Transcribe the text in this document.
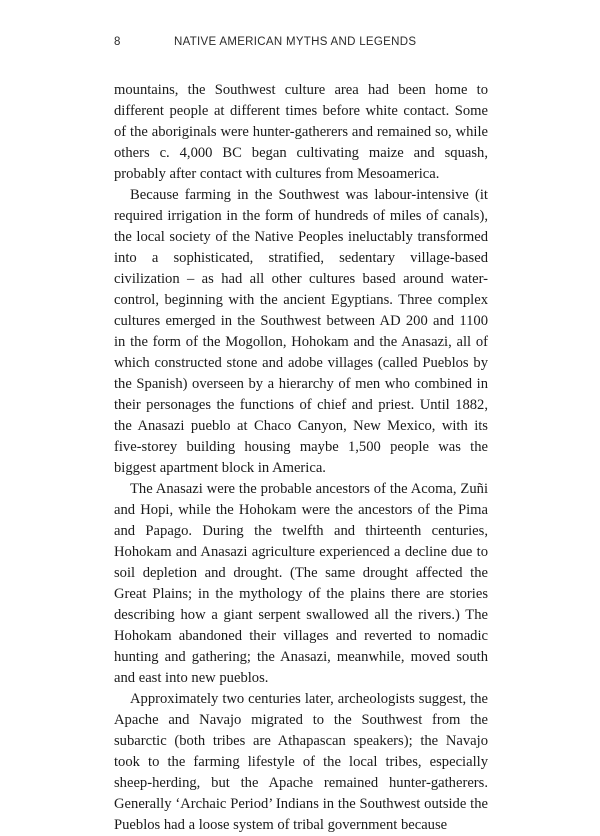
8	NATIVE AMERICAN MYTHS AND LEGENDS

mountains, the Southwest culture area had been home to different people at different times before white contact. Some of the aboriginals were hunter-gatherers and remained so, while others c. 4,000 BC began cultivating maize and squash, probably after contact with cultures from Mesoamerica.

Because farming in the Southwest was labour-intensive (it required irrigation in the form of hundreds of miles of canals), the local society of the Native Peoples ineluctably transformed into a sophisticated, stratified, sedentary village-based civilization – as had all other cultures based around water-control, beginning with the ancient Egyptians. Three complex cultures emerged in the Southwest between AD 200 and 1100 in the form of the Mogollon, Hohokam and the Anasazi, all of which constructed stone and adobe villages (called Pueblos by the Spanish) overseen by a hierarchy of men who combined in their personages the functions of chief and priest. Until 1882, the Anasazi pueblo at Chaco Canyon, New Mexico, with its five-storey building housing maybe 1,500 people was the biggest apartment block in America.

The Anasazi were the probable ancestors of the Acoma, Zuñi and Hopi, while the Hohokam were the ancestors of the Pima and Papago. During the twelfth and thirteenth centuries, Hohokam and Anasazi agriculture experienced a decline due to soil depletion and drought. (The same drought affected the Great Plains; in the mythology of the plains there are stories describing how a giant serpent swallowed all the rivers.) The Hohokam abandoned their villages and reverted to nomadic hunting and gathering; the Anasazi, meanwhile, moved south and east into new pueblos.

Approximately two centuries later, archeologists suggest, the Apache and Navajo migrated to the Southwest from the subarctic (both tribes are Athapascan speakers); the Navajo took to the farming lifestyle of the local tribes, especially sheep-herding, but the Apache remained hunter-gatherers. Generally ‘Archaic Period’ Indians in the Southwest outside the Pueblos had a loose system of tribal government because
